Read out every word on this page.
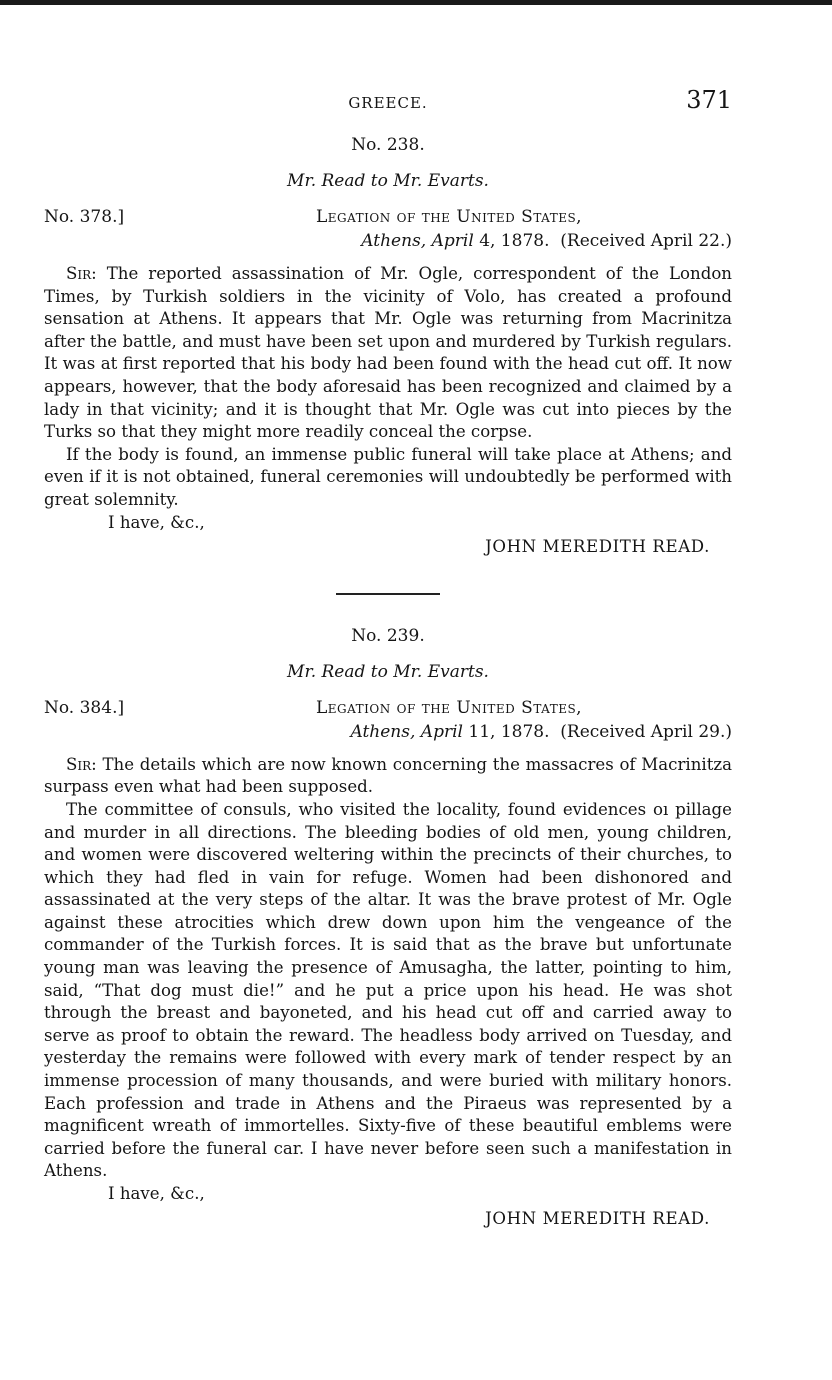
GREECE.	371
No. 238.
Mr. Read to Mr. Evarts.
No. 378.]	Legation of the United States,
Athens, April 4, 1878. (Received April 22.)

Sir: The reported assassination of Mr. Ogle, correspondent of the London Times, by Turkish soldiers in the vicinity of Volo, has created a profound sensation at Athens. It appears that Mr. Ogle was returning from Macrinitza after the battle, and must have been set upon and murdered by Turkish regulars. It was at first reported that his body had been found with the head cut off. It now appears, however, that the body aforesaid has been recognized and claimed by a lady in that vicinity; and it is thought that Mr. Ogle was cut into pieces by the Turks so that they might more readily conceal the corpse.

If the body is found, an immense public funeral will take place at Athens; and even if it is not obtained, funeral ceremonies will undoubtedly be performed with great solemnity.

I have, &c.,
JOHN MEREDITH READ.
No. 239.
Mr. Read to Mr. Evarts.
No. 384.]	Legation of the United States,
Athens, April 11, 1878. (Received April 29.)

Sir: The details which are now known concerning the massacres of Macrinitza surpass even what had been supposed.

The committee of consuls, who visited the locality, found evidences oı pillage and murder in all directions. The bleeding bodies of old men, young children, and women were discovered weltering within the precincts of their churches, to which they had fled in vain for refuge. Women had been dishonored and assassinated at the very steps of the altar. It was the brave protest of Mr. Ogle against these atrocities which drew down upon him the vengeance of the commander of the Turkish forces. It is said that as the brave but unfortunate young man was leaving the presence of Amusagha, the latter, pointing to him, said, “That dog must die!” and he put a price upon his head. He was shot through the breast and bayoneted, and his head cut off and carried away to serve as proof to obtain the reward. The headless body arrived on Tuesday, and yesterday the remains were followed with every mark of tender respect by an immense procession of many thousands, and were buried with military honors. Each profession and trade in Athens and the Piraeus was represented by a magnificent wreath of immortelles. Sixty-five of these beautiful emblems were carried before the funeral car. I have never before seen such a manifestation in Athens.

I have, &c.,
JOHN MEREDITH READ.
